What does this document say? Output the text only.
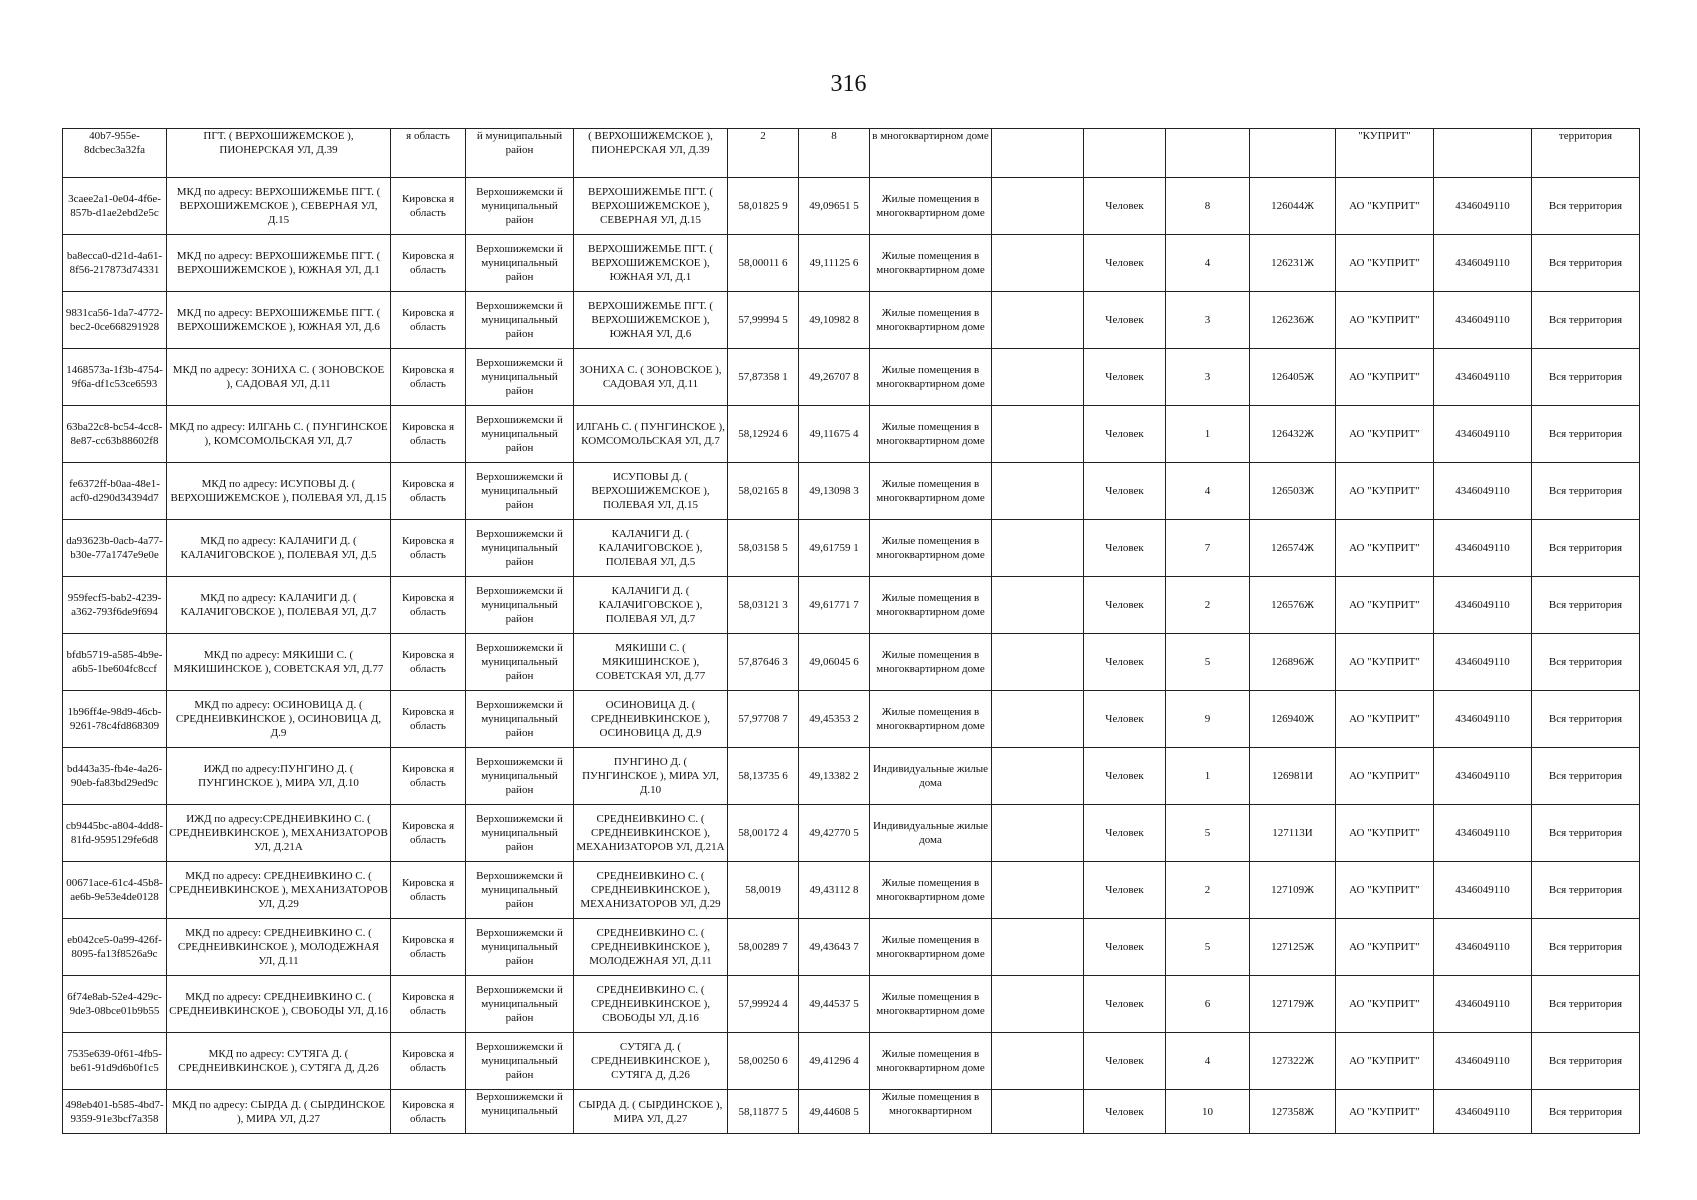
316
40b7-955e-8dcbec3a32fa	ПГТ. ( ВЕРХОШИЖЕМСКОЕ ), ПИОНЕРСКАЯ УЛ, Д.39	я область	й муниципальный район	( ВЕРХОШИЖЕМСКОЕ ), ПИОНЕРСКАЯ УЛ, Д.39	2	8	в многоквартирном доме					"КУПРИТ"		территория
3caee2a1-0e04-4f6e-857b-d1ae2ebd2e5c	МКД по адресу: ВЕРХОШИЖЕМЬЕ ПГТ. ( ВЕРХОШИЖЕМСКОЕ ), СЕВЕРНАЯ УЛ, Д.15	Кировска я область	Верхошижемски й муниципальный район	ВЕРХОШИЖЕМЬЕ ПГТ. ( ВЕРХОШИЖЕМСКОЕ ), СЕВЕРНАЯ УЛ, Д.15	58,01825 9	49,09651 5	Жилые помещения в многоквартирном доме		Человек	8	126044Ж	АО "КУПРИТ"	4346049110	Вся территория
ba8ecca0-d21d-4a61-8f56-217873d74331	МКД по адресу: ВЕРХОШИЖЕМЬЕ ПГТ. ( ВЕРХОШИЖЕМСКОЕ ), ЮЖНАЯ УЛ, Д.1	Кировска я область	Верхошижемски й муниципальный район	ВЕРХОШИЖЕМЬЕ ПГТ. ( ВЕРХОШИЖЕМСКОЕ ), ЮЖНАЯ УЛ, Д.1	58,00011 6	49,11125 6	Жилые помещения в многоквартирном доме		Человек	4	126231Ж	АО "КУПРИТ"	4346049110	Вся территория
9831ca56-1da7-4772-bec2-0ce668291928	МКД по адресу: ВЕРХОШИЖЕМЬЕ ПГТ. ( ВЕРХОШИЖЕМСКОЕ ), ЮЖНАЯ УЛ, Д.6	Кировска я область	Верхошижемски й муниципальный район	ВЕРХОШИЖЕМЬЕ ПГТ. ( ВЕРХОШИЖЕМСКОЕ ), ЮЖНАЯ УЛ, Д.6	57,99994 5	49,10982 8	Жилые помещения в многоквартирном доме		Человек	3	126236Ж	АО "КУПРИТ"	4346049110	Вся территория
1468573a-1f3b-4754-9f6a-df1c53ce6593	МКД по адресу: ЗОНИХА С. ( ЗОНОВСКОЕ ), САДОВАЯ УЛ, Д.11	Кировска я область	Верхошижемски й муниципальный район	ЗОНИХА С. ( ЗОНОВСКОЕ ), САДОВАЯ УЛ, Д.11	57,87358 1	49,26707 8	Жилые помещения в многоквартирном доме		Человек	3	126405Ж	АО "КУПРИТ"	4346049110	Вся территория
63ba22c8-bc54-4cc8-8e87-cc63b88602f8	МКД по адресу: ИЛГАНЬ С. ( ПУНГИНСКОЕ ), КОМСОМОЛЬСКАЯ УЛ, Д.7	Кировска я область	Верхошижемски й муниципальный район	ИЛГАНЬ С. ( ПУНГИНСКОЕ ), КОМСОМОЛЬСКАЯ УЛ, Д.7	58,12924 6	49,11675 4	Жилые помещения в многоквартирном доме		Человек	1	126432Ж	АО "КУПРИТ"	4346049110	Вся территория
fe6372ff-b0aa-48e1-acf0-d290d34394d7	МКД по адресу: ИСУПОВЫ Д. ( ВЕРХОШИЖЕМСКОЕ ), ПОЛЕВАЯ УЛ, Д.15	Кировска я область	Верхошижемски й муниципальный район	ИСУПОВЫ Д. ( ВЕРХОШИЖЕМСКОЕ ), ПОЛЕВАЯ УЛ, Д.15	58,02165 8	49,13098 3	Жилые помещения в многоквартирном доме		Человек	4	126503Ж	АО "КУПРИТ"	4346049110	Вся территория
da93623b-0acb-4a77-b30e-77a1747e9e0e	МКД по адресу: КАЛАЧИГИ Д. ( КАЛАЧИГОВСКОЕ ), ПОЛЕВАЯ УЛ, Д.5	Кировска я область	Верхошижемски й муниципальный район	КАЛАЧИГИ Д. ( КАЛАЧИГОВСКОЕ ), ПОЛЕВАЯ УЛ, Д.5	58,03158 5	49,61759 1	Жилые помещения в многоквартирном доме		Человек	7	126574Ж	АО "КУПРИТ"	4346049110	Вся территория
959fecf5-bab2-4239-a362-793f6de9f694	МКД по адресу: КАЛАЧИГИ Д. ( КАЛАЧИГОВСКОЕ ), ПОЛЕВАЯ УЛ, Д.7	Кировска я область	Верхошижемски й муниципальный район	КАЛАЧИГИ Д. ( КАЛАЧИГОВСКОЕ ), ПОЛЕВАЯ УЛ, Д.7	58,03121 3	49,61771 7	Жилые помещения в многоквартирном доме		Человек	2	126576Ж	АО "КУПРИТ"	4346049110	Вся территория
bfdb5719-a585-4b9e-a6b5-1be604fc8ccf	МКД по адресу: МЯКИШИ С. ( МЯКИШИНСКОЕ ), СОВЕТСКАЯ УЛ, Д.77	Кировска я область	Верхошижемски й муниципальный район	МЯКИШИ С. ( МЯКИШИНСКОЕ ), СОВЕТСКАЯ УЛ, Д.77	57,87646 3	49,06045 6	Жилые помещения в многоквартирном доме		Человек	5	126896Ж	АО "КУПРИТ"	4346049110	Вся территория
1b96ff4e-98d9-46cb-9261-78c4fd868309	МКД по адресу: ОСИНОВИЦА Д. ( СРЕДНЕИВКИНСКОЕ ), ОСИНОВИЦА Д, Д.9	Кировска я область	Верхошижемски й муниципальный район	ОСИНОВИЦА Д. ( СРЕДНЕИВКИНСКОЕ ), ОСИНОВИЦА Д, Д.9	57,97708 7	49,45353 2	Жилые помещения в многоквартирном доме		Человек	9	126940Ж	АО "КУПРИТ"	4346049110	Вся территория
bd443a35-fb4e-4a26-90eb-fa83bd29ed9c	ИЖД по адресу:ПУНГИНО Д. ( ПУНГИНСКОЕ ), МИРА УЛ, Д.10	Кировска я область	Верхошижемски й муниципальный район	ПУНГИНО Д. ( ПУНГИНСКОЕ ), МИРА УЛ, Д.10	58,13735 6	49,13382 2	Индивидуальные жилые дома		Человек	1	126981И	АО "КУПРИТ"	4346049110	Вся территория
cb9445bc-a804-4dd8-81fd-9595129fe6d8	ИЖД по адресу:СРЕДНЕИВКИНО С. ( СРЕДНЕИВКИНСКОЕ ), МЕХАНИЗАТОРОВ УЛ, Д.21А	Кировска я область	Верхошижемски й муниципальный район	СРЕДНЕИВКИНО С. ( СРЕДНЕИВКИНСКОЕ ), МЕХАНИЗАТОРОВ УЛ, Д.21А	58,00172 4	49,42770 5	Индивидуальные жилые дома		Человек	5	127113И	АО "КУПРИТ"	4346049110	Вся территория
00671ace-61c4-45b8-ae6b-9e53e4de0128	МКД по адресу: СРЕДНЕИВКИНО С. ( СРЕДНЕИВКИНСКОЕ ), МЕХАНИЗАТОРОВ УЛ, Д.29	Кировска я область	Верхошижемски й муниципальный район	СРЕДНЕИВКИНО С. ( СРЕДНЕИВКИНСКОЕ ), МЕХАНИЗАТОРОВ УЛ, Д.29	58,0019	49,43112 8	Жилые помещения в многоквартирном доме		Человек	2	127109Ж	АО "КУПРИТ"	4346049110	Вся территория
eb042ce5-0a99-426f-8095-fa13f8526a9c	МКД по адресу: СРЕДНЕИВКИНО С. ( СРЕДНЕИВКИНСКОЕ ), МОЛОДЕЖНАЯ УЛ, Д.11	Кировска я область	Верхошижемски й муниципальный район	СРЕДНЕИВКИНО С. ( СРЕДНЕИВКИНСКОЕ ), МОЛОДЕЖНАЯ УЛ, Д.11	58,00289 7	49,43643 7	Жилые помещения в многоквартирном доме		Человек	5	127125Ж	АО "КУПРИТ"	4346049110	Вся территория
6f74e8ab-52e4-429c-9de3-08bce01b9b55	МКД по адресу: СРЕДНЕИВКИНО С. ( СРЕДНЕИВКИНСКОЕ ), СВОБОДЫ УЛ, Д.16	Кировска я область	Верхошижемски й муниципальный район	СРЕДНЕИВКИНО С. ( СРЕДНЕИВКИНСКОЕ ), СВОБОДЫ УЛ, Д.16	57,99924 4	49,44537 5	Жилые помещения в многоквартирном доме		Человек	6	127179Ж	АО "КУПРИТ"	4346049110	Вся территория
7535e639-0f61-4fb5-be61-91d9d6b0f1c5	МКД по адресу: СУТЯГА Д. ( СРЕДНЕИВКИНСКОЕ ), СУТЯГА Д, Д.26	Кировска я область	Верхошижемски й муниципальный район	СУТЯГА Д. ( СРЕДНЕИВКИНСКОЕ ), СУТЯГА Д, Д.26	58,00250 6	49,41296 4	Жилые помещения в многоквартирном доме		Человек	4	127322Ж	АО "КУПРИТ"	4346049110	Вся территория
498eb401-b585-4bd7-9359-91e3bcf7a358	МКД по адресу: СЫРДА Д. ( СЫРДИНСКОЕ ), МИРА УЛ, Д.27	Кировска я область	Верхошижемски й муниципальный	СЫРДА Д. ( СЫРДИНСКОЕ ), МИРА УЛ, Д.27	58,11877 5	49,44608 5	Жилые помещения в многоквартирном		Человек	10	127358Ж	АО "КУПРИТ"	4346049110	Вся территория
